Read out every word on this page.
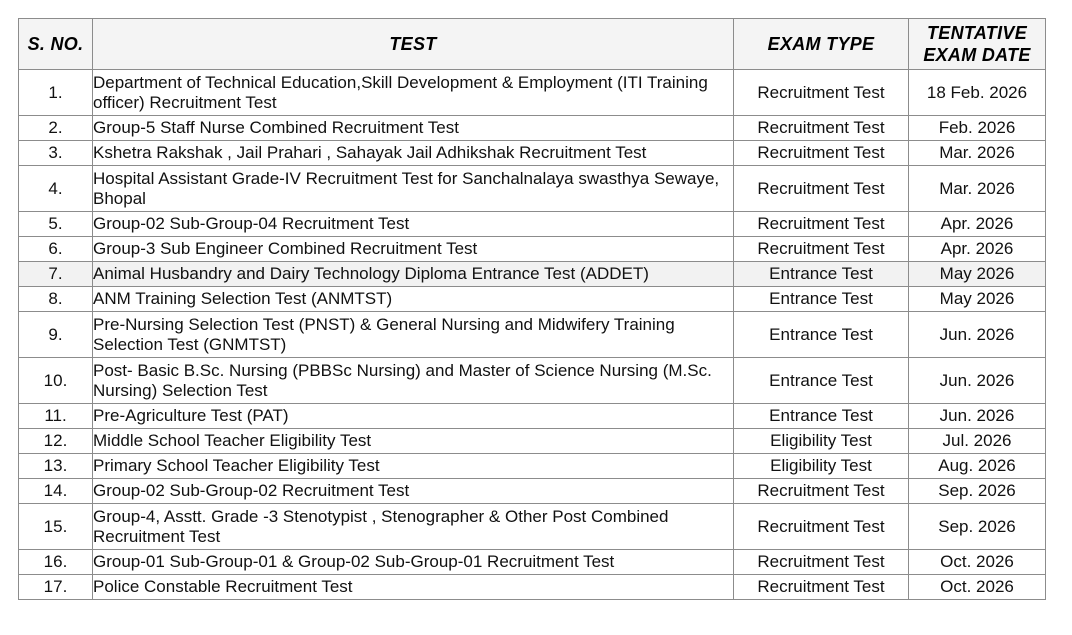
S. NO.	TEST	EXAM TYPE	TENTATIVE EXAM DATE
1.	Department of Technical Education,Skill Development & Employment (ITI Training officer) Recruitment Test	Recruitment Test	18 Feb. 2026
2.	Group-5 Staff Nurse Combined Recruitment Test	Recruitment Test	Feb. 2026
3.	Kshetra Rakshak , Jail Prahari , Sahayak Jail Adhikshak Recruitment Test	Recruitment Test	Mar. 2026
4.	Hospital Assistant Grade-IV Recruitment Test for Sanchalnalaya swasthya Sewaye, Bhopal	Recruitment Test	Mar. 2026
5.	Group-02 Sub-Group-04 Recruitment Test	Recruitment Test	Apr. 2026
6.	Group-3 Sub Engineer Combined Recruitment Test	Recruitment Test	Apr. 2026
7.	Animal Husbandry and Dairy Technology Diploma Entrance Test (ADDET)	Entrance Test	May 2026
8.	ANM Training Selection Test (ANMTST)	Entrance Test	May 2026
9.	Pre-Nursing Selection Test (PNST) & General Nursing and Midwifery Training Selection Test (GNMTST)	Entrance Test	Jun. 2026
10.	Post- Basic B.Sc. Nursing (PBBSc Nursing) and Master of Science Nursing (M.Sc. Nursing) Selection Test	Entrance Test	Jun. 2026
11.	Pre-Agriculture Test (PAT)	Entrance Test	Jun. 2026
12.	Middle School Teacher Eligibility Test	Eligibility Test	Jul. 2026
13.	Primary School Teacher Eligibility Test	Eligibility Test	Aug. 2026
14.	Group-02 Sub-Group-02 Recruitment Test	Recruitment Test	Sep. 2026
15.	Group-4, Asstt. Grade -3 Stenotypist , Stenographer & Other Post Combined Recruitment Test	Recruitment Test	Sep. 2026
16.	Group-01 Sub-Group-01 & Group-02 Sub-Group-01 Recruitment Test	Recruitment Test	Oct. 2026
17.	Police Constable Recruitment Test	Recruitment Test	Oct. 2026
